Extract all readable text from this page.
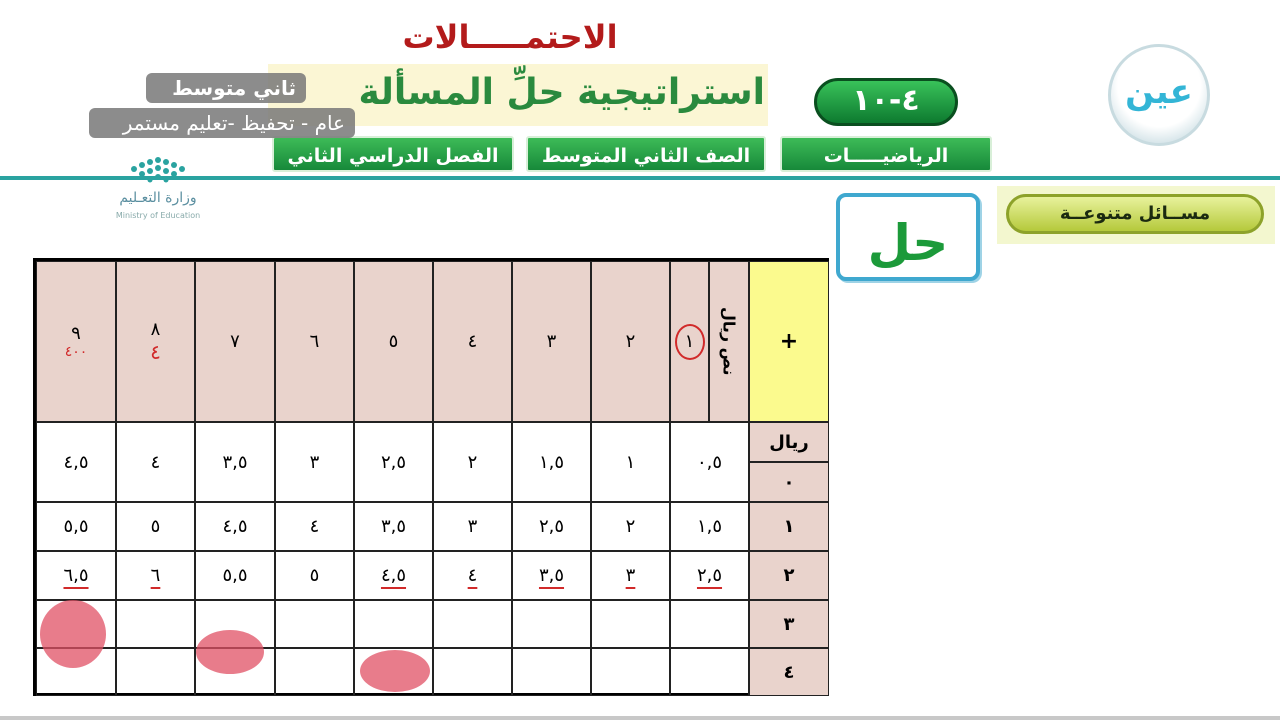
الاحتمـــــالات
استراتيجية حلِّ المسألة	٤-١٠
الرياضيـــــات
الصف الثاني المتوسط
الفصل الدراسي الثاني
ثاني متوسط
عام - تحفيظ -تعليم مستمر
وزارة التعـليم
Ministry of Education
عين
مســائل متنوعــة
حل
+
نص ريال
١
٢
٣
٤
٥
٦
٧
٨
٤
٩
٤٠٠
ريال
٠
١
٢
٣
٤
٠,٥
١
١,٥
٢
٢,٥
٣
٣,٥
٤
٤,٥
١,٥
٢
٢,٥
٣
٣,٥
٤
٤,٥
٥
٥,٥
٢,٥
٣
٣,٥
٤
٤,٥
٥
٥,٥
٦
٦,٥
